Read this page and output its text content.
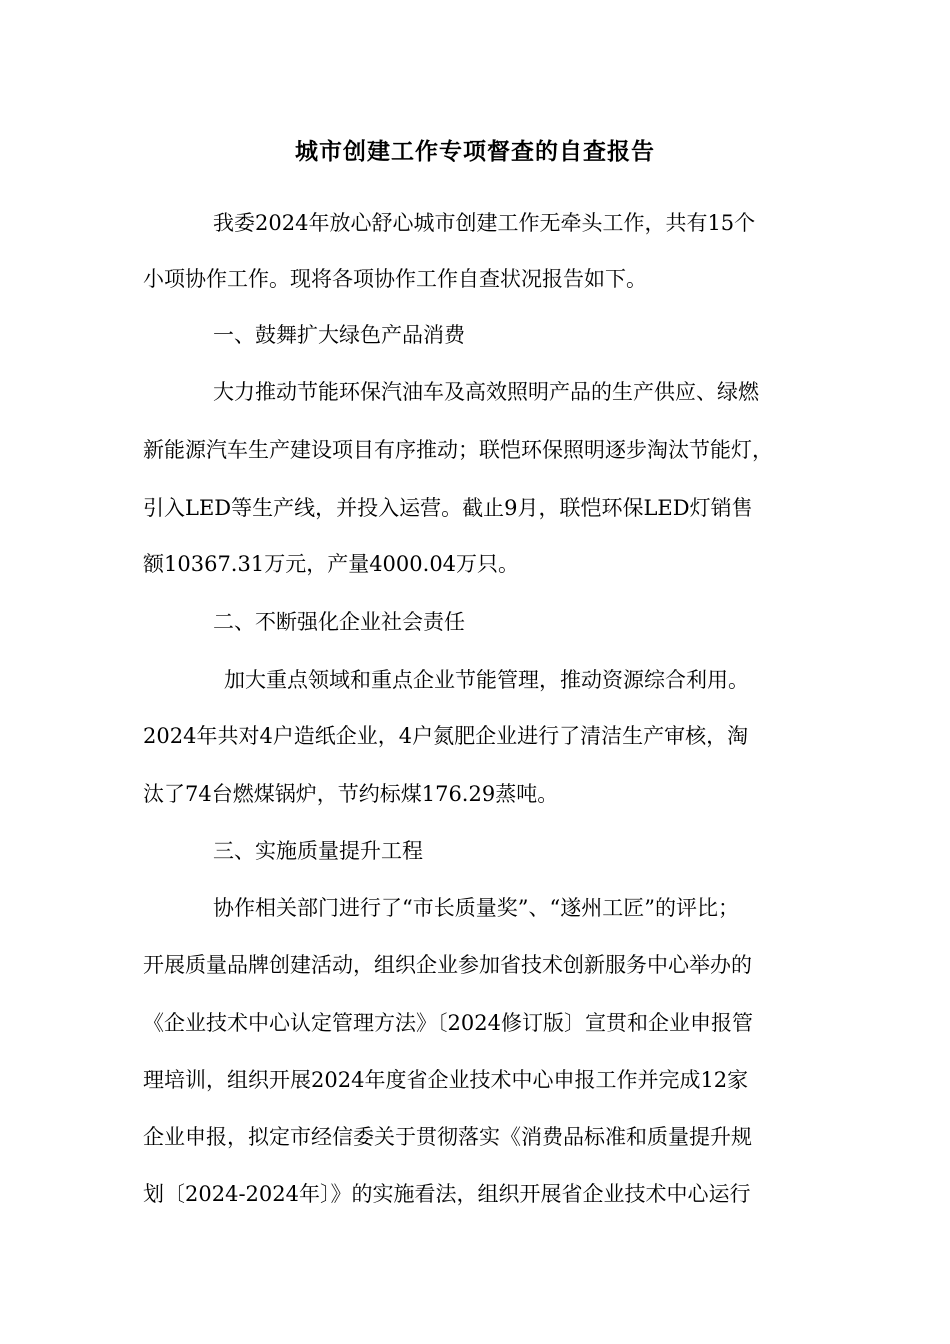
城市创建工作专项督查的自查报告
我委2024年放心舒心城市创建工作无牵头工作，共有15个
小项协作工作。现将各项协作工作自查状况报告如下。
一、鼓舞扩大绿色产品消费
大力推动节能环保汽油车及高效照明产品的生产供应、绿燃
新能源汽车生产建设项目有序推动；联恺环保照明逐步淘汰节能灯，
引入LED等生产线，并投入运营。截止9月，联恺环保LED灯销售
额10367.31万元，产量4000.04万只。
二、不断强化企业社会责任
加大重点领域和重点企业节能管理，推动资源综合利用。
2024年共对4户造纸企业，4户氮肥企业进行了清洁生产审核，淘
汰了74台燃煤锅炉，节约标煤176.29蒸吨。
三、实施质量提升工程
协作相关部门进行了“市长质量奖”、“遂州工匠”的评比；
开展质量品牌创建活动，组织企业参加省技术创新服务中心举办的
《企业技术中心认定管理方法》〔2024修订版〕宣贯和企业申报管
理培训，组织开展2024年度省企业技术中心申报工作并完成12家
企业申报，拟定市经信委关于贯彻落实《消费品标准和质量提升规
划〔2024-2024年〕》的实施看法，组织开展省企业技术中心运行
